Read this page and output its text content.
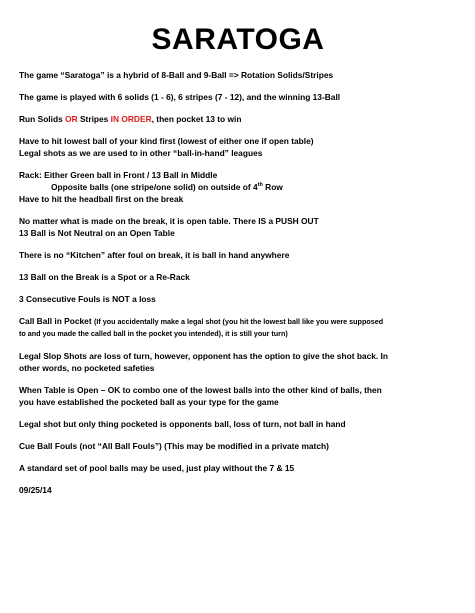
SARATOGA
The game “Saratoga” is a hybrid of 8-Ball and 9-Ball => Rotation Solids/Stripes
The game is played with 6 solids (1 - 6), 6 stripes (7 - 12), and the winning 13-Ball
Run Solids OR Stripes IN ORDER, then pocket 13 to win
Have to hit lowest ball of your kind first (lowest of either one if open table)
Legal shots as we are used to in other “ball-in-hand” leagues
Rack: Either Green ball in Front / 13 Ball in Middle
Opposite balls (one stripe/one solid) on outside of 4th Row
Have to hit the headball first on the break
No matter what is made on the break, it is open table. There IS a PUSH OUT
13 Ball is Not Neutral on an Open Table
There is no “Kitchen” after foul on break, it is ball in hand anywhere
13 Ball on the Break is a Spot or a Re-Rack
3 Consecutive Fouls is NOT a loss
Call Ball in Pocket (If you accidentally make a legal shot (you hit the lowest ball like you were supposed
to and you made the called ball in the pocket you intended), it is still your turn)
Legal Slop Shots are loss of turn, however, opponent has the option to give the shot back. In
other words, no pocketed safeties
When Table is Open – OK to combo one of the lowest balls into the other kind of balls, then
you have established the pocketed ball as your type for the game
Legal shot but only thing pocketed is opponents ball, loss of turn, not ball in hand
Cue Ball Fouls (not “All Ball Fouls”) (This may be modified in a private match)
A standard set of pool balls may be used, just play without the 7 & 15
09/25/14
